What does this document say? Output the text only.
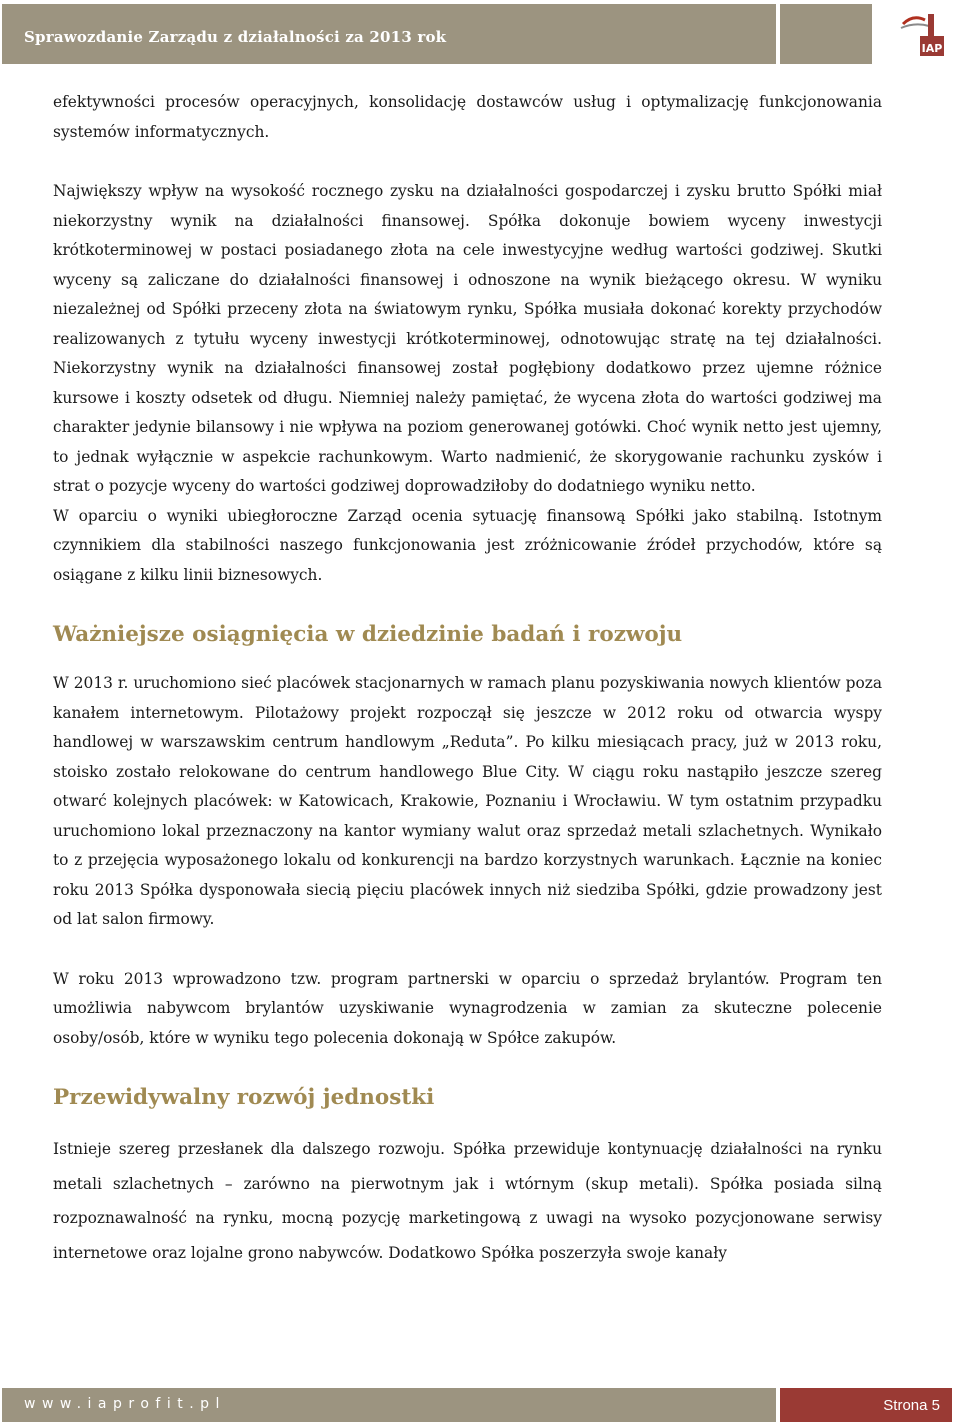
Sprawozdanie Zarządu z działalności za 2013 rok
IAP

efektywności procesów operacyjnych, konsolidację dostawców usług i optymalizację funkcjonowania systemów informatycznych.

Największy wpływ na wysokość rocznego zysku na działalności gospodarczej i zysku brutto Spółki miał niekorzystny wynik na działalności finansowej. Spółka dokonuje bowiem wyceny inwestycji krótkoterminowej w postaci posiadanego złota na cele inwestycyjne według wartości godziwej. Skutki wyceny są zaliczane do działalności finansowej i odnoszone na wynik bieżącego okresu. W wyniku niezależnej od Spółki przeceny złota na światowym rynku, Spółka musiała dokonać korekty przychodów realizowanych z tytułu wyceny inwestycji krótkoterminowej, odnotowując stratę na tej działalności. Niekorzystny wynik na działalności finansowej został pogłębiony dodatkowo przez ujemne różnice kursowe i koszty odsetek od długu. Niemniej należy pamiętać, że wycena złota do wartości godziwej ma charakter jedynie bilansowy i nie wpływa na poziom generowanej gotówki. Choć wynik netto jest ujemny, to jednak wyłącznie w aspekcie rachunkowym. Warto nadmienić, że skorygowanie rachunku zysków i strat o pozycje wyceny do wartości godziwej doprowadziłoby do dodatniego wyniku netto.

W oparciu o wyniki ubiegłoroczne Zarząd ocenia sytuację finansową Spółki jako stabilną. Istotnym czynnikiem dla stabilności naszego funkcjonowania jest zróżnicowanie źródeł przychodów, które są osiągane z kilku linii biznesowych.

Ważniejsze osiągnięcia w dziedzinie badań i rozwoju

W 2013 r. uruchomiono sieć placówek stacjonarnych w ramach planu pozyskiwania nowych klientów poza kanałem internetowym. Pilotażowy projekt rozpoczął się jeszcze w 2012 roku od otwarcia wyspy handlowej w warszawskim centrum handlowym „Reduta”. Po kilku miesiącach pracy, już w 2013 roku, stoisko zostało relokowane do centrum handlowego Blue City. W ciągu roku nastąpiło jeszcze szereg otwarć kolejnych placówek: w Katowicach, Krakowie, Poznaniu i Wrocławiu. W tym ostatnim przypadku uruchomiono lokal przeznaczony na kantor wymiany walut oraz sprzedaż metali szlachetnych. Wynikało to z przejęcia wyposażonego lokalu od konkurencji na bardzo korzystnych warunkach. Łącznie na koniec roku 2013 Spółka dysponowała siecią pięciu placówek innych niż siedziba Spółki, gdzie prowadzony jest od lat salon firmowy.

W roku 2013 wprowadzono tzw. program partnerski w oparciu o sprzedaż brylantów. Program ten umożliwia nabywcom brylantów uzyskiwanie wynagrodzenia w zamian za skuteczne polecenie osoby/osób, które w wyniku tego polecenia dokonają w Spółce zakupów.

Przewidywalny rozwój jednostki

Istnieje szereg przesłanek dla dalszego rozwoju. Spółka przewiduje kontynuację działalności na rynku metali szlachetnych – zarówno na pierwotnym jak i wtórnym (skup metali). Spółka posiada silną rozpoznawalność na rynku, mocną pozycję marketingową z uwagi na wysoko pozycjonowane serwisy internetowe oraz lojalne grono nabywców. Dodatkowo Spółka poszerzyła swoje kanały

www.iaprofit.pl	Strona 5
